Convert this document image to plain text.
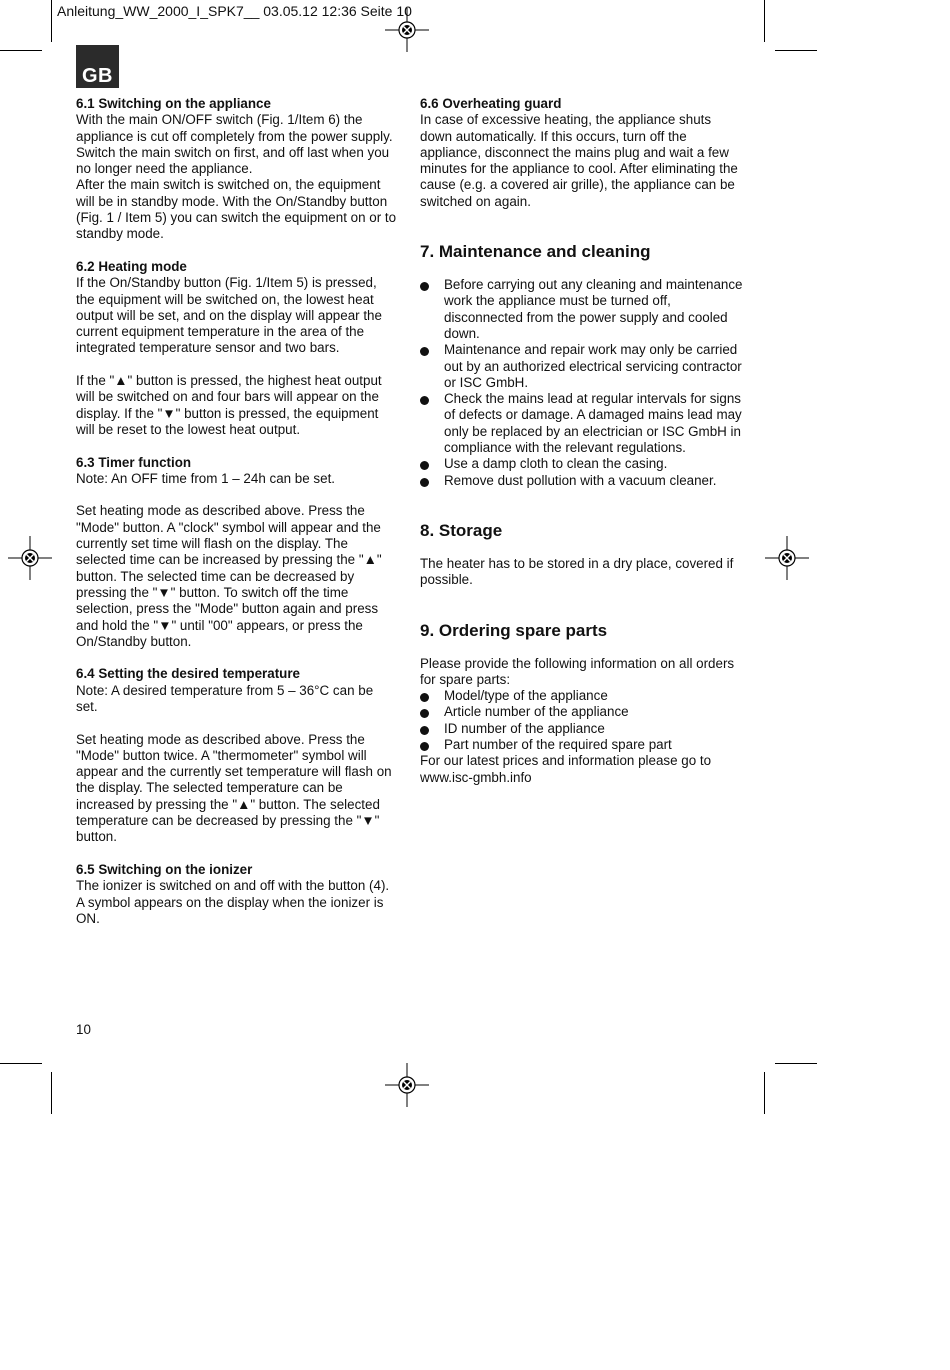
Anleitung_WW_2000_I_SPK7__ 03.05.12 12:36 Seite 10
GB

6.1 Switching on the appliance

With the main ON/OFF switch (Fig. 1/Item 6) the appliance is cut off completely from the power supply. Switch the main switch on first, and off last when you no longer need the appliance.

After the main switch is switched on, the equipment will be in standby mode. With the On/Standby button (Fig. 1 / Item 5) you can switch the equipment on or to standby mode.

6.2 Heating mode

If the On/Standby button (Fig. 1/Item 5) is pressed, the equipment will be switched on, the lowest heat output will be set, and on the display will appear the current equipment temperature in the area of the integrated temperature sensor and two bars.

If the "▲" button is pressed, the highest heat output will be switched on and four bars will appear on the display. If the "▼" button is pressed, the equipment will be reset to the lowest heat output.

6.3 Timer function

Note: An OFF time from 1 – 24h can be set.

Set heating mode as described above. Press the "Mode" button. A "clock" symbol will appear and the currently set time will flash on the display. The selected time can be increased by pressing the "▲" button. The selected time can be decreased by pressing the "▼" button. To switch off the time selection, press the "Mode" button again and press and hold the "▼" until "00" appears, or press the On/Standby button.

6.4 Setting the desired temperature

Note: A desired temperature from 5 – 36°C can be set.

Set heating mode as described above. Press the "Mode" button twice. A "thermometer" symbol will appear and the currently set temperature will flash on the display. The selected temperature can be increased by pressing the "▲" button. The selected temperature can be decreased by pressing the "▼" button.

6.5 Switching on the ionizer

The ionizer is switched on and off with the button (4). A symbol appears on the display when the ionizer is ON.

6.6 Overheating guard

In case of excessive heating, the appliance shuts down automatically. If this occurs, turn off the appliance, disconnect the mains plug and wait a few minutes for the appliance to cool. After eliminating the cause (e.g. a covered air grille), the appliance can be switched on again.

7. Maintenance and cleaning

Before carrying out any cleaning and maintenance work the appliance must be turned off, disconnected from the power supply and cooled down.
Maintenance and repair work may only be carried out by an authorized electrical servicing contractor or ISC GmbH.
Check the mains lead at regular intervals for signs of defects or damage. A damaged mains lead may only be replaced by an electrician or ISC GmbH in compliance with the relevant regulations.
Use a damp cloth to clean the casing.
Remove dust pollution with a vacuum cleaner.

8. Storage

The heater has to be stored in a dry place, covered if possible.

9. Ordering spare parts

Please provide the following information on all orders for spare parts:

Model/type of the appliance
Article number of the appliance
ID number of the appliance
Part number of the required spare part

For our latest prices and information please go to www.isc-gmbh.info

10
